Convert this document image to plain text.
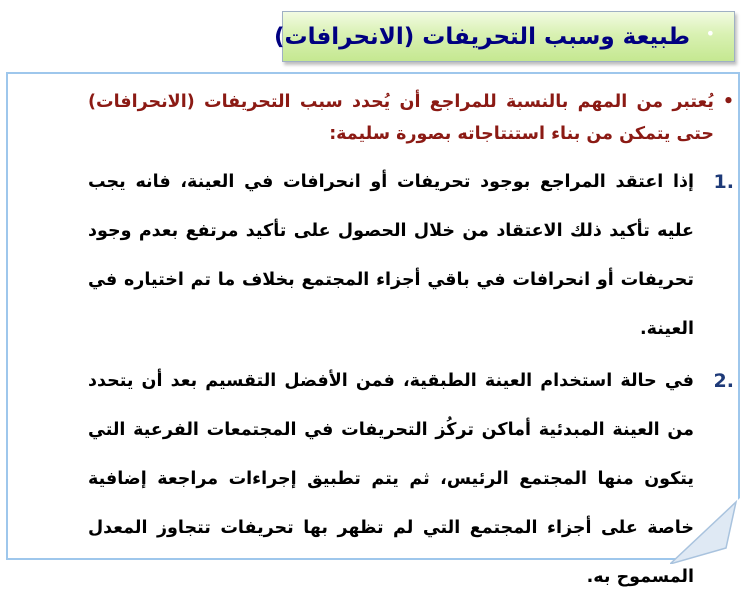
•
طبيعة وسبب التحريفات (الانحرافات)
•
يُعتبر من المهم بالنسبة للمراجع أن يُحدد سبب التحريفات (الانحرافات) حتى يتمكن من بناء استنتاجاته بصورة سليمة:
1.
إذا اعتقد المراجع بوجود تحريفات أو انحرافات في العينة، فانه يجب عليه تأكيد ذلك الاعتقاد من خلال الحصول على تأكيد مرتفع بعدم وجود تحريفات أو انحرافات في باقي أجزاء المجتمع بخلاف ما تم اختياره في العينة.
2.
في حالة استخدام العينة الطبقية، فمن الأفضل التقسيم بعد أن يتحدد من العينة المبدئية أماكن تركُز التحريفات في المجتمعات الفرعية التي يتكون منها المجتمع الرئيس، ثم يتم تطبيق إجراءات مراجعة إضافية خاصة على أجزاء المجتمع التي لم تظهر بها تحريفات تتجاوز المعدل المسموح به.
